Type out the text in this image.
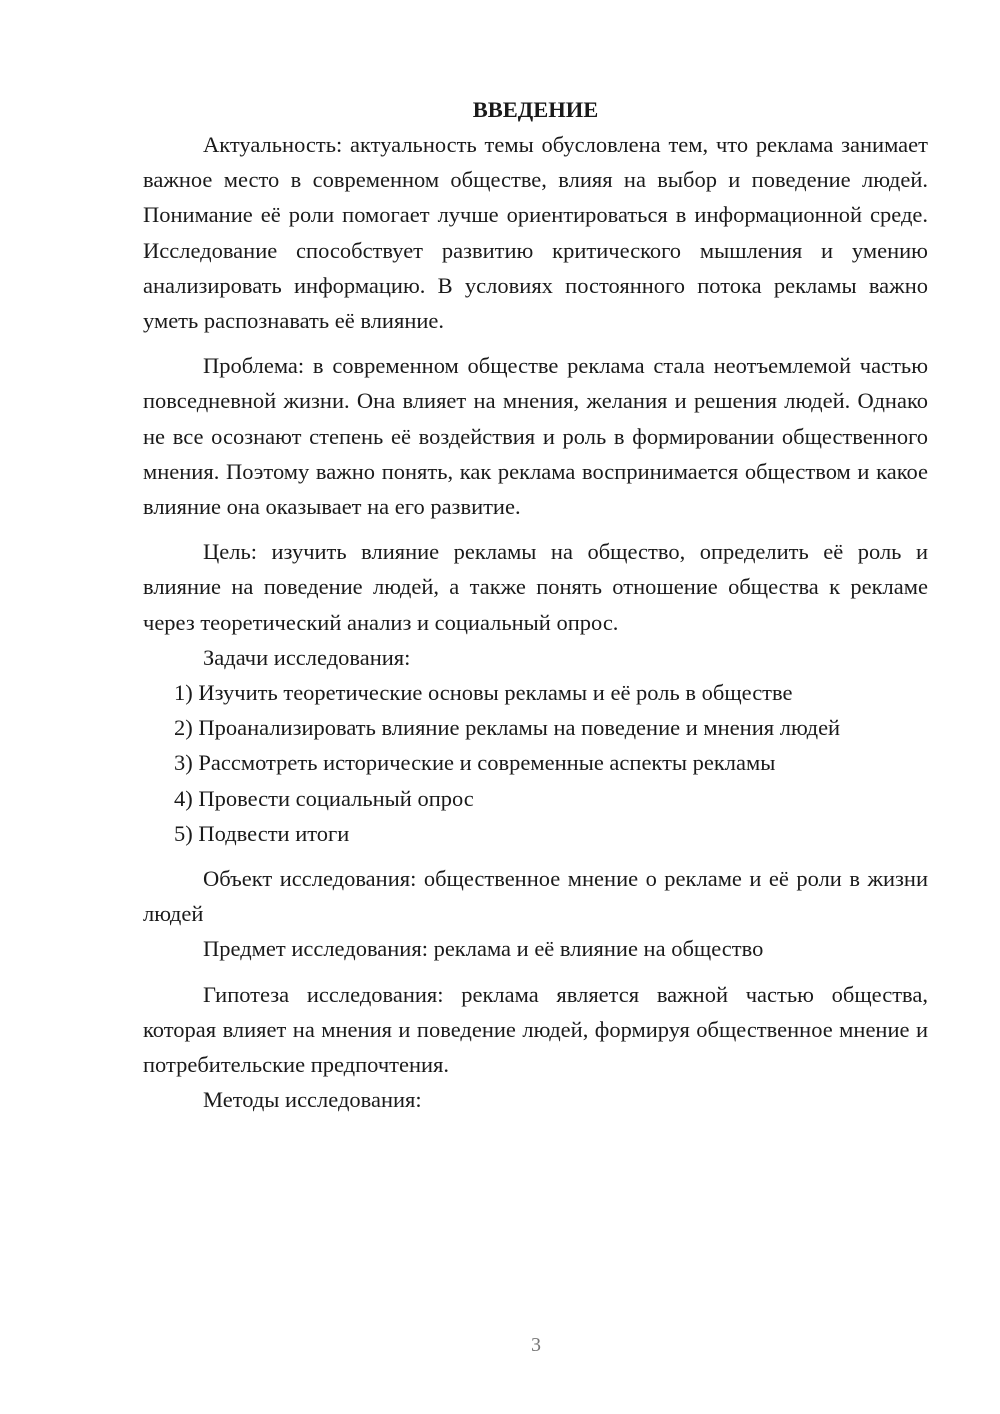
ВВЕДЕНИЕ

Актуальность: актуальность темы обусловлена тем, что реклама занимает важное место в современном обществе, влияя на выбор и поведение людей. Понимание её роли помогает лучше ориентироваться в информационной среде. Исследование способствует развитию критического мышления и умению анализировать информацию. В условиях постоянного потока рекламы важно уметь распознавать её влияние.

Проблема: в современном обществе реклама стала неотъемлемой частью повседневной жизни. Она влияет на мнения, желания и решения людей. Однако не все осознают степень её воздействия и роль в формировании общественного мнения. Поэтому важно понять, как реклама воспринимается обществом и какое влияние она оказывает на его развитие.

Цель: изучить влияние рекламы на общество, определить её роль и влияние на поведение людей, а также понять отношение общества к рекламе через теоретический анализ и социальный опрос.

Задачи исследования:

1) Изучить теоретические основы рекламы и её роль в обществе

2) Проанализировать влияние рекламы на поведение и мнения людей

3) Рассмотреть исторические и современные аспекты рекламы

4) Провести социальный опрос

5) Подвести итоги

Объект исследования: общественное мнение о рекламе и её роли в жизни людей

Предмет исследования: реклама и её влияние на общество

Гипотеза исследования: реклама является важной частью общества, которая влияет на мнения и поведение людей, формируя общественное мнение и потребительские предпочтения.

Методы исследования:

3
